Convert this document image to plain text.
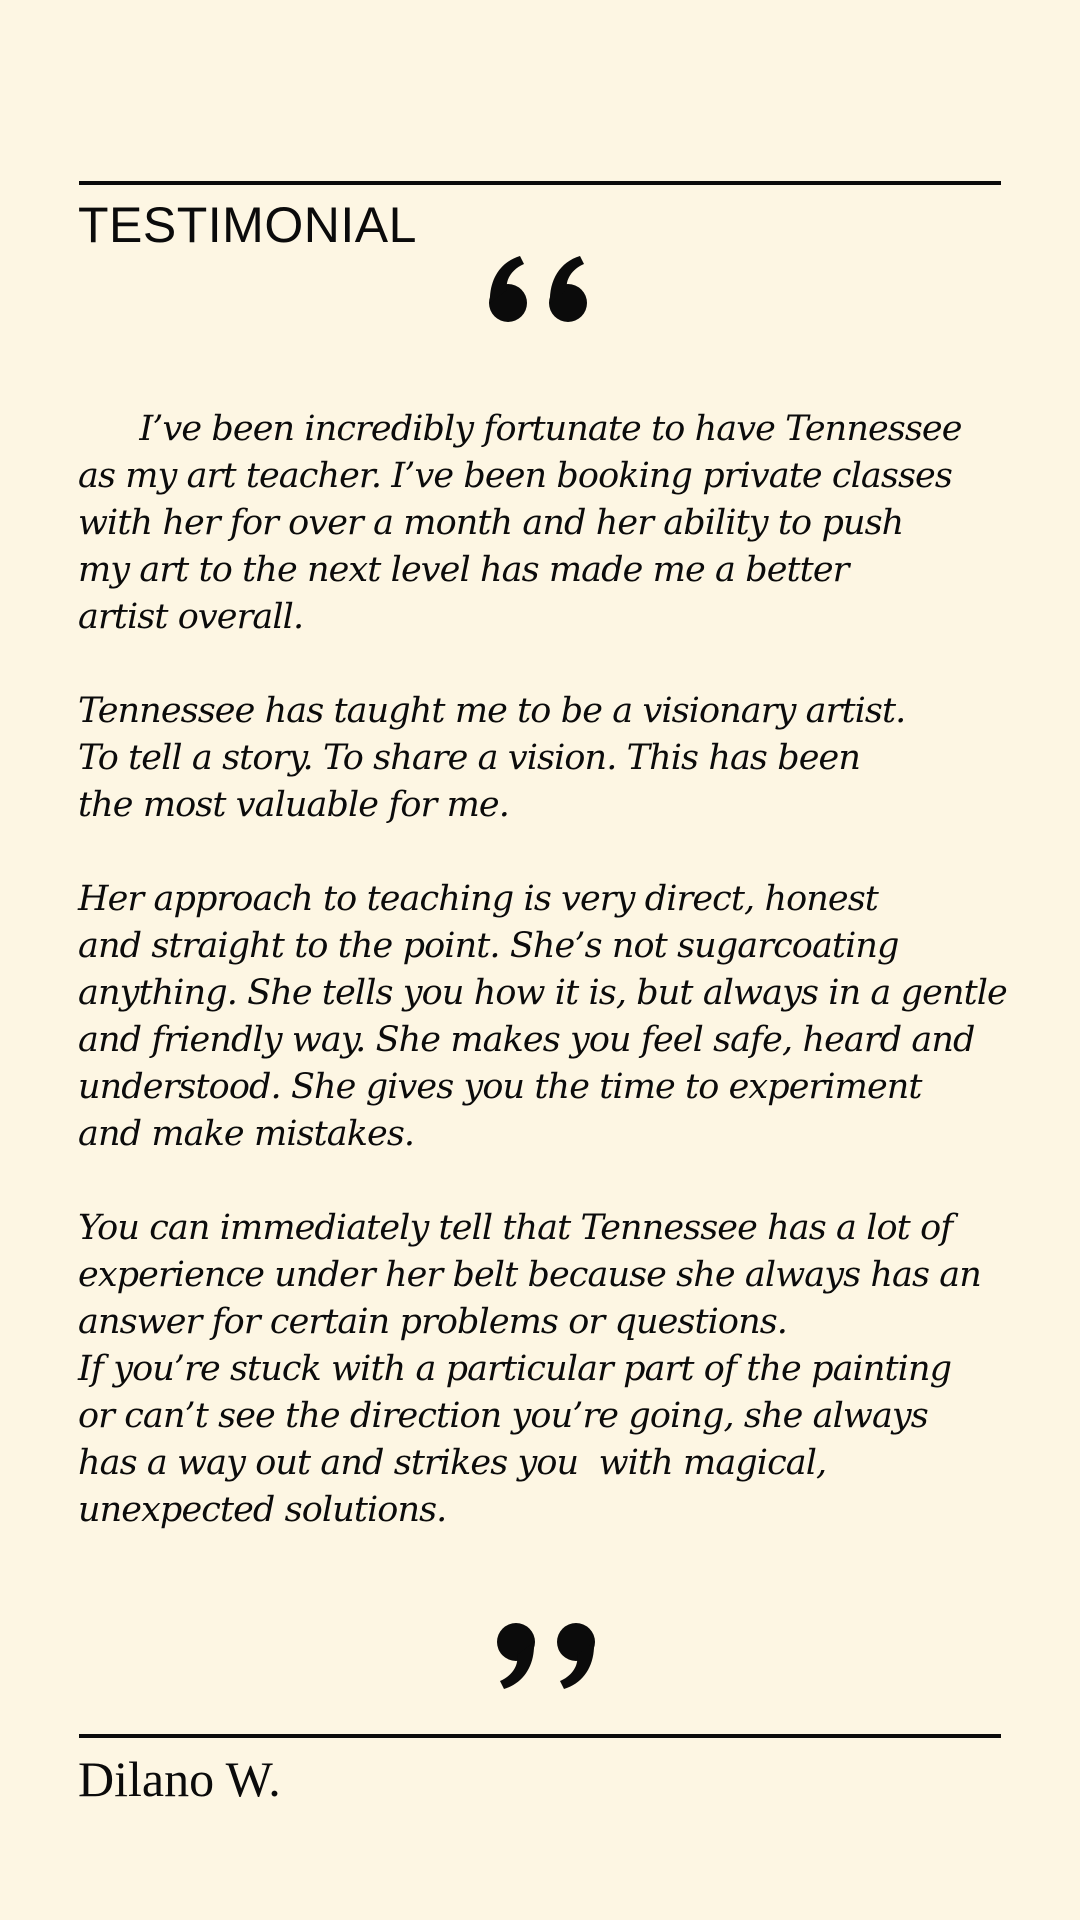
TESTIMONIAL
I’ve been incredibly fortunate to have Tennessee
as my art teacher. I’ve been booking private classes
with her for over a month and her ability to push
my art to the next level has made me a better
artist overall.
Tennessee has taught me to be a visionary artist.
To tell a story. To share a vision. This has been
the most valuable for me.
Her approach to teaching is very direct, honest
and straight to the point. She’s not sugarcoating
anything. She tells you how it is, but always in a gentle
and friendly way. She makes you feel safe, heard and
understood. She gives you the time to experiment
and make mistakes.
You can immediately tell that Tennessee has a lot of
experience under her belt because she always has an
answer for certain problems or questions.
If you’re stuck with a particular part of the painting
or can’t see the direction you’re going, she always
has a way out and strikes you  with magical,
unexpected solutions.
Dilano W.
